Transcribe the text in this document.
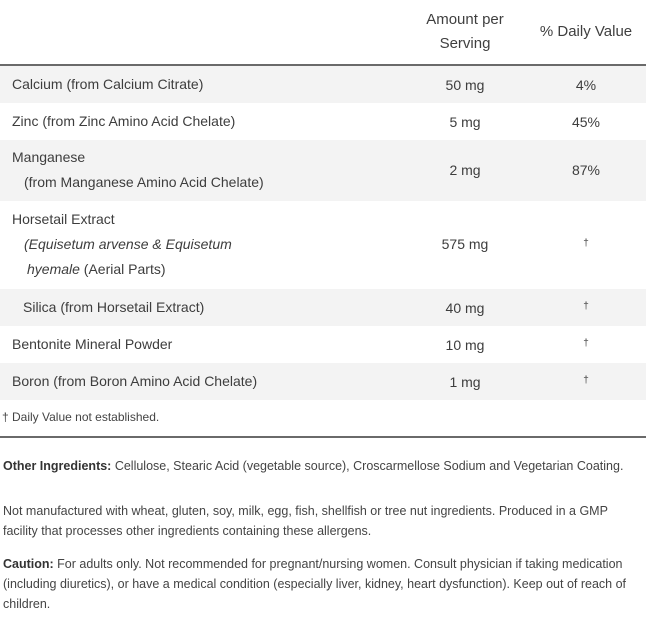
Amount per
Serving
% Daily Value
Calcium (from Calcium Citrate)	50 mg	4%
Zinc (from Zinc Amino Acid Chelate)	5 mg	45%
Manganese
(from Manganese Amino Acid Chelate)
2 mg	87%
Horsetail Extract
(Equisetum arvense & Equisetum
hyemale (Aerial Parts)
575 mg	†
Silica (from Horsetail Extract)	40 mg	†
Bentonite Mineral Powder	10 mg	†
Boron (from Boron Amino Acid Chelate)	1 mg	†
† Daily Value not established.
Other Ingredients: Cellulose, Stearic Acid (vegetable source), Croscarmellose Sodium and Vegetarian Coating.
Not manufactured with wheat, gluten, soy, milk, egg, fish, shellfish or tree nut ingredients. Produced in a GMP facility that processes other ingredients containing these allergens.
Caution: For adults only. Not recommended for pregnant/nursing women. Consult physician if taking medication (including diuretics), or have a medical condition (especially liver, kidney, heart dysfunction). Keep out of reach of children.
